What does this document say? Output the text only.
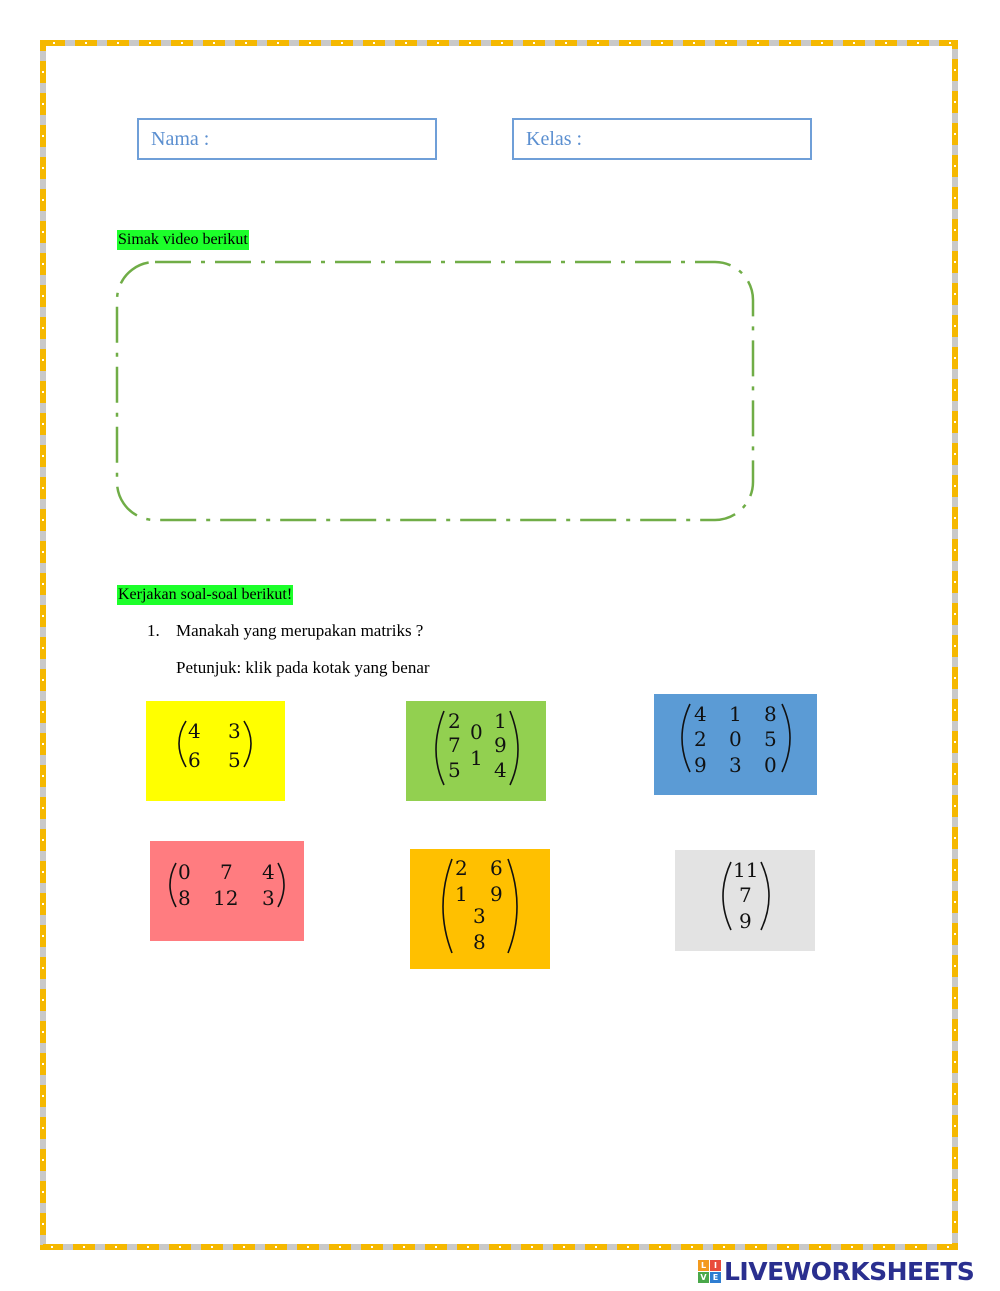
Nama :	Kelas :
Simak video berikut
Kerjakan soal-soal berikut!
1. Manakah yang merupakan matriks ?
Petunjuk: klik pada kotak yang benar
4 3
6 5
2 1
0
7 9
1
5 4
4 1 8
2 0 5
9 3 0
0 7 4
8 12 3
2 6
1 9
3
8
11
7
9
L I
V E LIVEWORKSHEETS
